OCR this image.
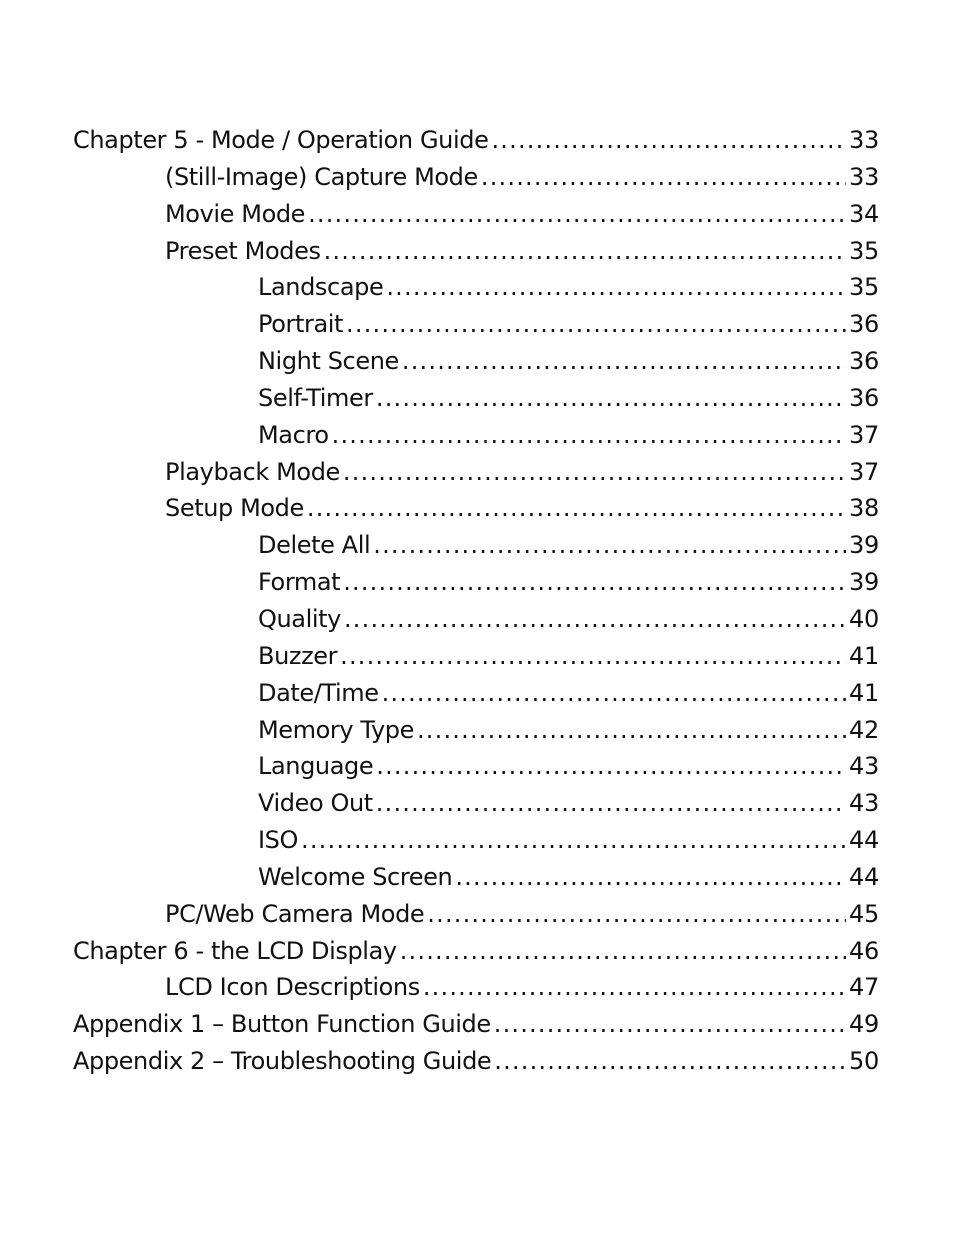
Chapter 5 - Mode / Operation Guide .....	33
(Still-Image) Capture Mode .....	33
Movie Mode .....	34
Preset Modes .....	35
Landscape .....	35
Portrait .....	36
Night Scene .....	36
Self-Timer .....	36
Macro .....	37
Playback Mode .....	37
Setup Mode .....	38
Delete All .....	39
Format .....	39
Quality .....	40
Buzzer .....	41
Date/Time .....	41
Memory Type .....	42
Language .....	43
Video Out .....	43
ISO .....	44
Welcome Screen .....	44
PC/Web Camera Mode .....	45
Chapter 6 - the LCD Display .....	46
LCD Icon Descriptions .....	47
Appendix 1 – Button Function Guide .....	49
Appendix 2 – Troubleshooting Guide .....	50
